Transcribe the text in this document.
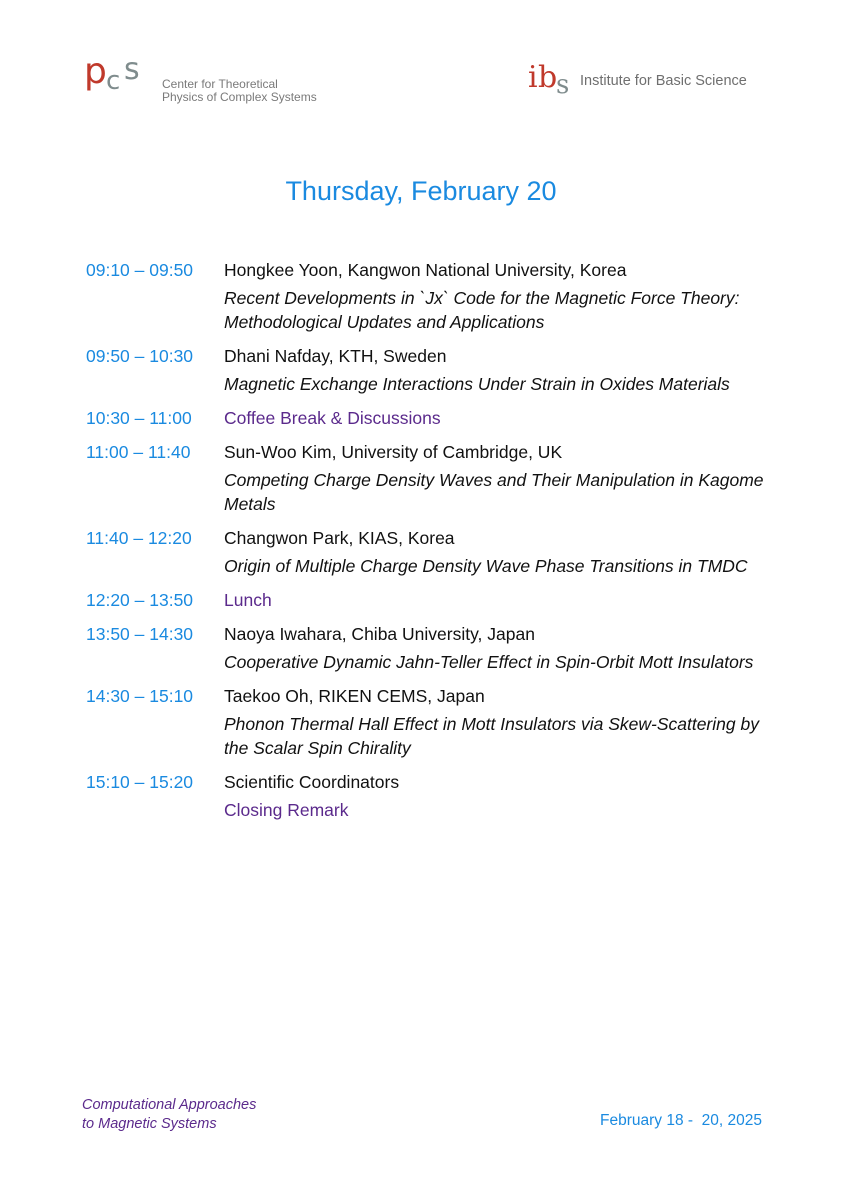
p c s Center for Theoretical
Physics of Complex Systems
i b
s Institute for Basic Science
Thursday, February 20
09:10 – 09:50	Hongkee Yoon, Kangwon National University, Korea
Recent Developments in `Jx` Code for the Magnetic Force Theory: Methodological Updates and Applications
09:50 – 10:30	Dhani Nafday, KTH, Sweden
Magnetic Exchange Interactions Under Strain in Oxides Materials
10:30 – 11:00	Coffee Break & Discussions
11:00 – 11:40	Sun-Woo Kim, University of Cambridge, UK
Competing Charge Density Waves and Their Manipulation in Kagome Metals
11:40 – 12:20	Changwon Park, KIAS, Korea
Origin of Multiple Charge Density Wave Phase Transitions in TMDC
12:20 – 13:50	Lunch
13:50 – 14:30	Naoya Iwahara, Chiba University, Japan
Cooperative Dynamic Jahn-Teller Effect in Spin-Orbit Mott Insulators
14:30 – 15:10	Taekoo Oh, RIKEN CEMS, Japan
Phonon Thermal Hall Effect in Mott Insulators via Skew-Scattering by the Scalar Spin Chirality
15:10 – 15:20	Scientific Coordinators
Closing Remark
Computational Approaches
to Magnetic Systems	February 18 -  20, 2025
